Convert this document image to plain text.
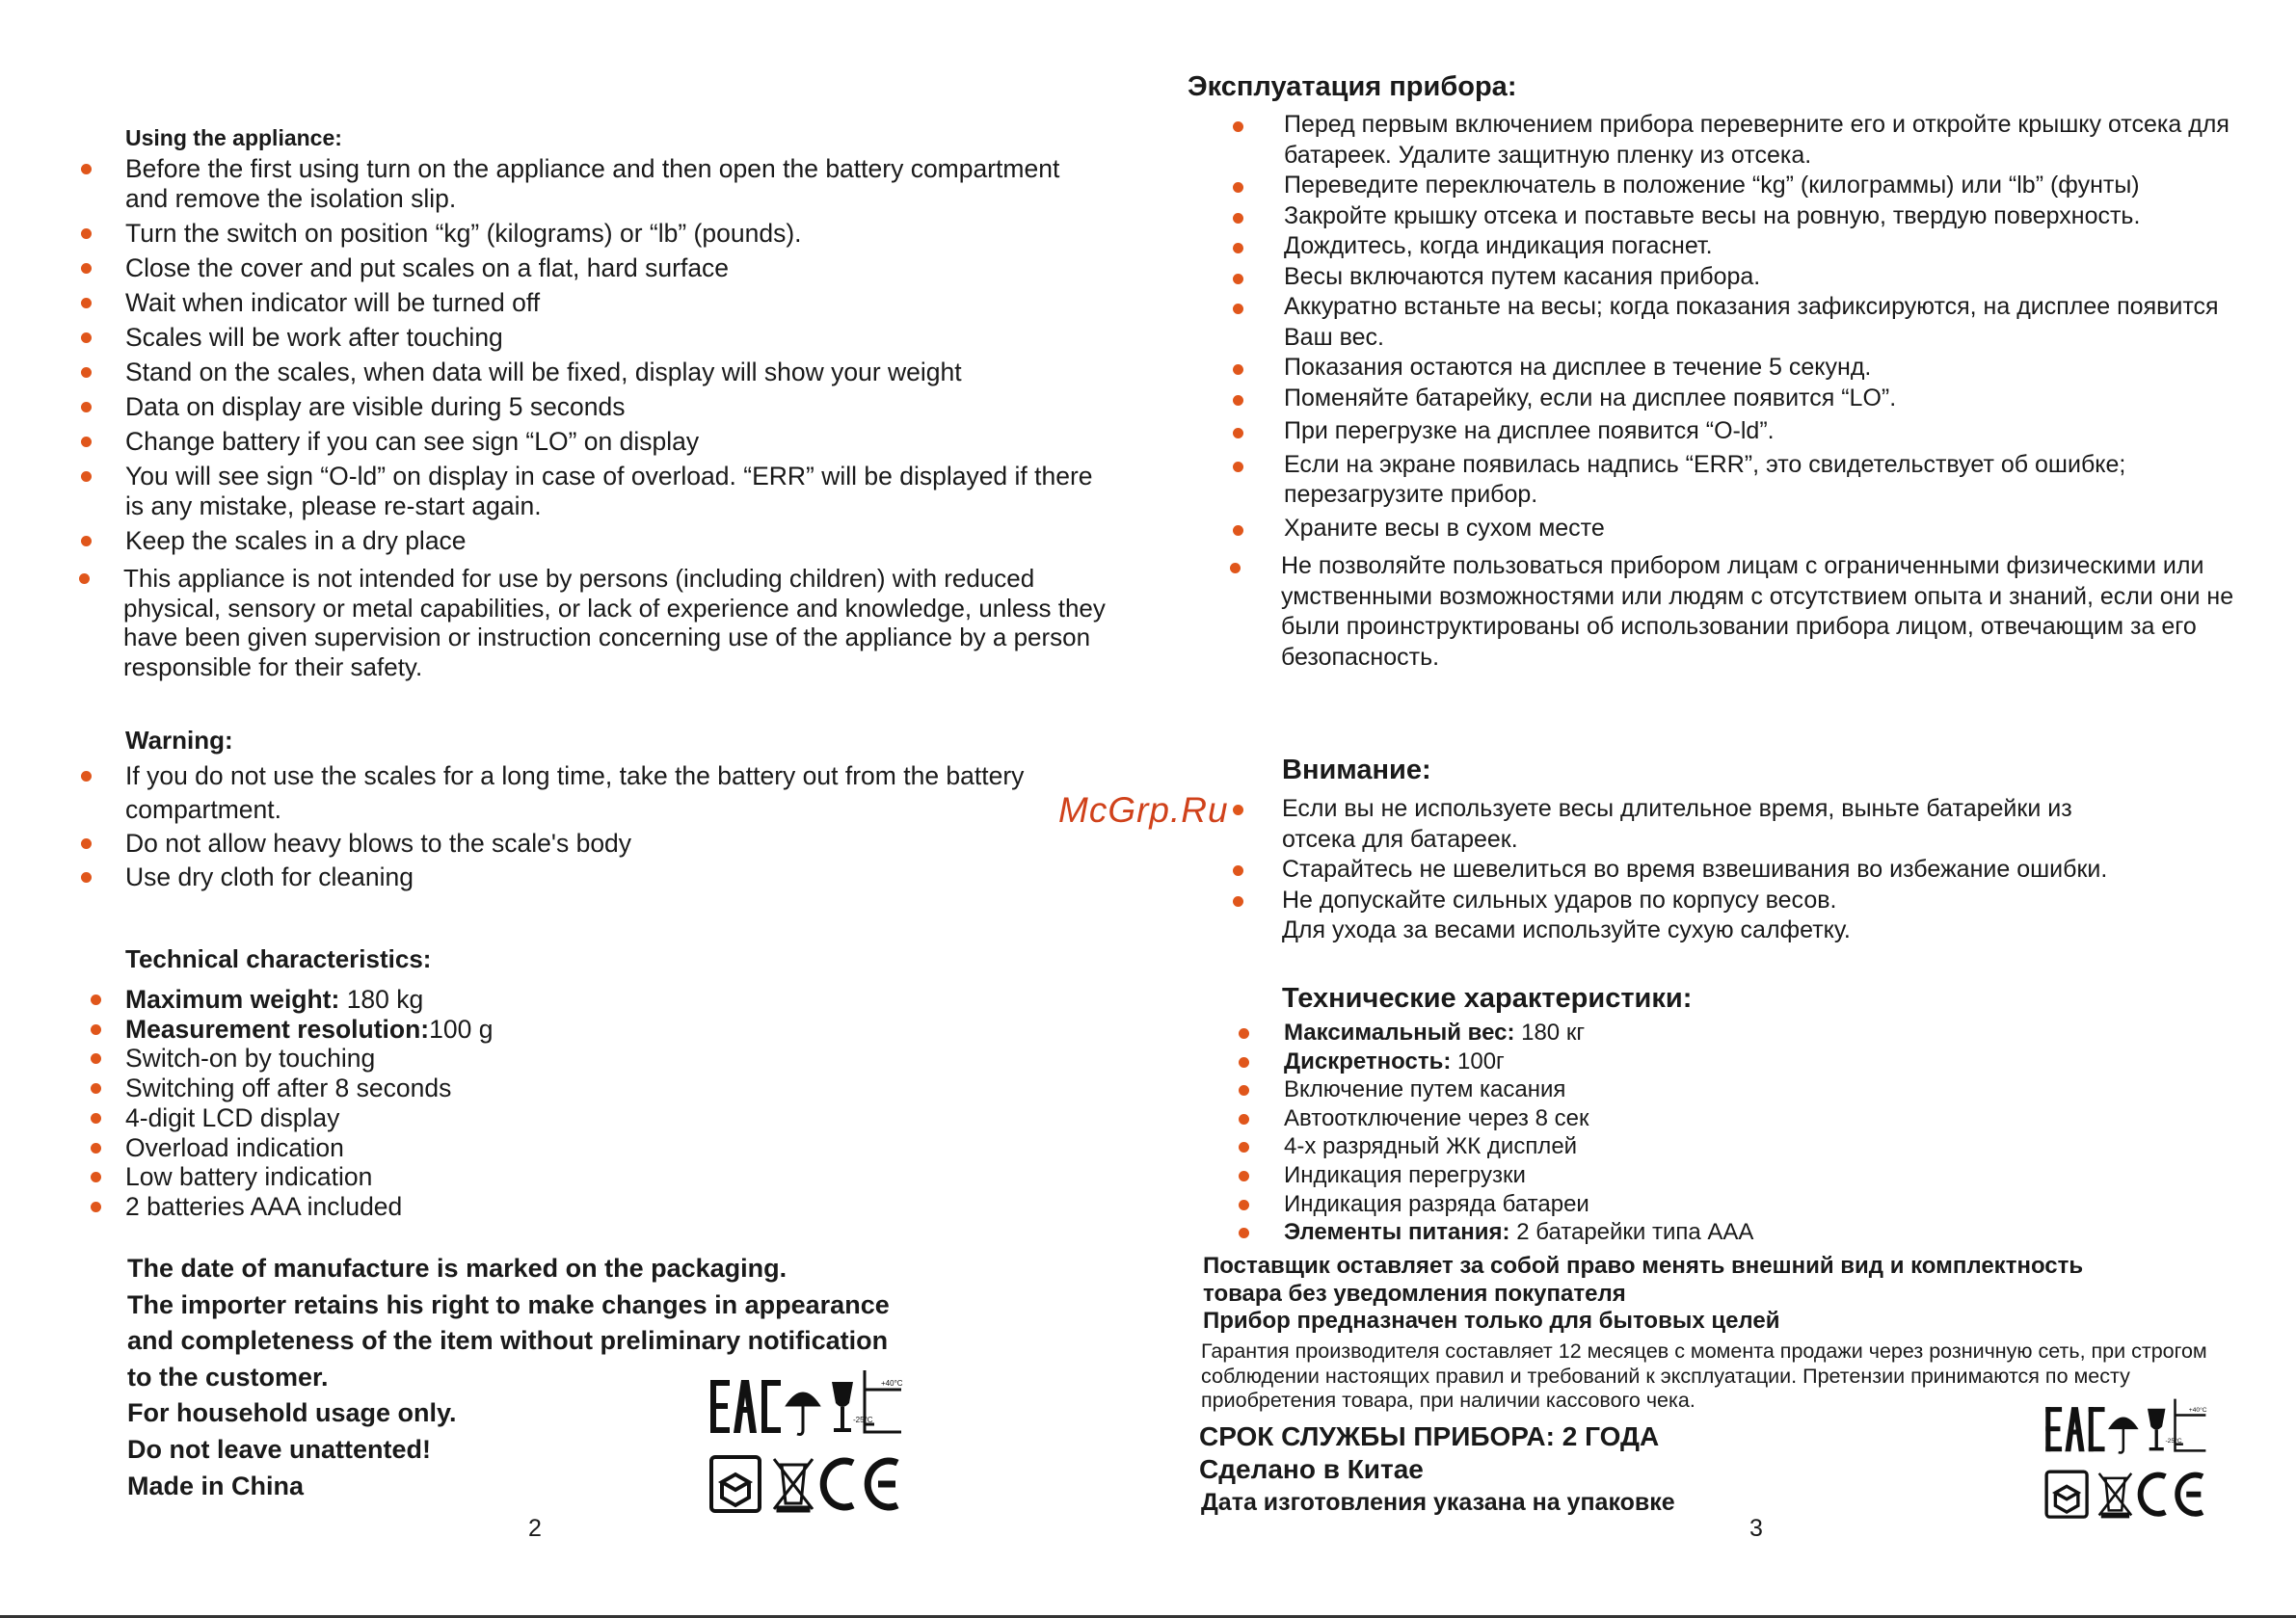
Using the appliance:
Before the first using turn on the appliance and then open the battery compartment and remove the isolation slip.
Turn the switch on position “kg” (kilograms) or “lb” (pounds).
Close the cover and put scales on a flat, hard surface
Wait when indicator will be turned off
Scales will be work after touching
Stand on the scales, when data will be fixed, display will show your weight
Data on display are visible during 5 seconds
Change battery if you can see sign “LO” on display
You will see sign “O-ld” on display in case of overload. “ERR” will be displayed if there is any mistake, please re-start again.
Keep the scales in a dry place
This appliance is not intended for use by persons (including children) with reduced physical, sensory or metal capabilities, or lack of experience and knowledge, unless they have been given supervision or instruction concerning use of the appliance by a person responsible for their safety.
Warning:
If you do not use the scales for a long time, take the battery out from the battery compartment.
Do not allow heavy blows to the scale's body
Use dry cloth for cleaning
Technical characteristics:
Maximum weight: 180 kg
Measurement resolution:100 g
Switch-on by touching
Switching off after 8 seconds
4-digit LCD display
Overload indication
Low battery indication
2 batteries AAA included
The date of manufacture is marked on the packaging.
The importer retains his right to make changes in appearance
and completeness of the item without preliminary notification
to the customer.
For household usage only.
Do not leave unattented!
Made in China
+40°C
-25°C
2
Эксплуатация прибора:
Перед первым включением прибора переверните его и откройте крышку отсека для батареек. Удалите защитную пленку из отсека.
Переведите переключатель в положение “kg” (килограммы) или “lb” (фунты)
Закройте крышку отсека и поставьте весы на ровную, твердую поверхность.
Дождитесь, когда индикация погаснет.
Весы включаются путем касания прибора.
Аккуратно встаньте на весы; когда показания зафиксируются, на дисплее появится Ваш вес.
Показания остаются на дисплее в течение 5 секунд.
Поменяйте батарейку, если на дисплее появится “LO”.
При перегрузке на дисплее появится “O-ld”.
Если на экране появилась надпись “ERR”, это свидетельствует об ошибке; перезагрузите прибор.
Храните весы в сухом месте
Не позволяйте пользоваться прибором лицам с ограниченными физическими или умственными возможностями или людям с отсутствием опыта и знаний, если они не были проинструктированы об использовании прибора лицом, отвечающим за его безопасность.
Внимание:
Если вы не используете весы длительное время, выньте батарейки из отсека для батареек.
Старайтесь не шевелиться во время взвешивания во избежание ошибки.
Не допускайте сильных ударов по корпусу весов.
Для ухода за весами используйте сухую салфетку.
Технические характеристики:
Максимальный вес: 180 кг
Дискретность: 100г
Включение путем касания
Автоотключение через 8 сек
4-х разрядный ЖК дисплей
Индикация перегрузки
Индикация разряда батареи
Элементы питания: 2 батарейки типа ААА
Поставщик оставляет за собой право менять внешний вид и комплектность
товара без уведомления покупателя
Прибор предназначен только для бытовых целей
Гарантия производителя составляет 12 месяцев с момента продажи через розничную сеть, при строгом соблюдении настоящих правил и требований к эксплуатации. Претензии принимаются по месту приобретения товара, при наличии кассового чека.
СРОК СЛУЖБЫ ПРИБОРА: 2 ГОДА
Сделано в Китае
Дата изготовления указана на упаковке
+40°C
-25°C
3
McGrp.Ru
